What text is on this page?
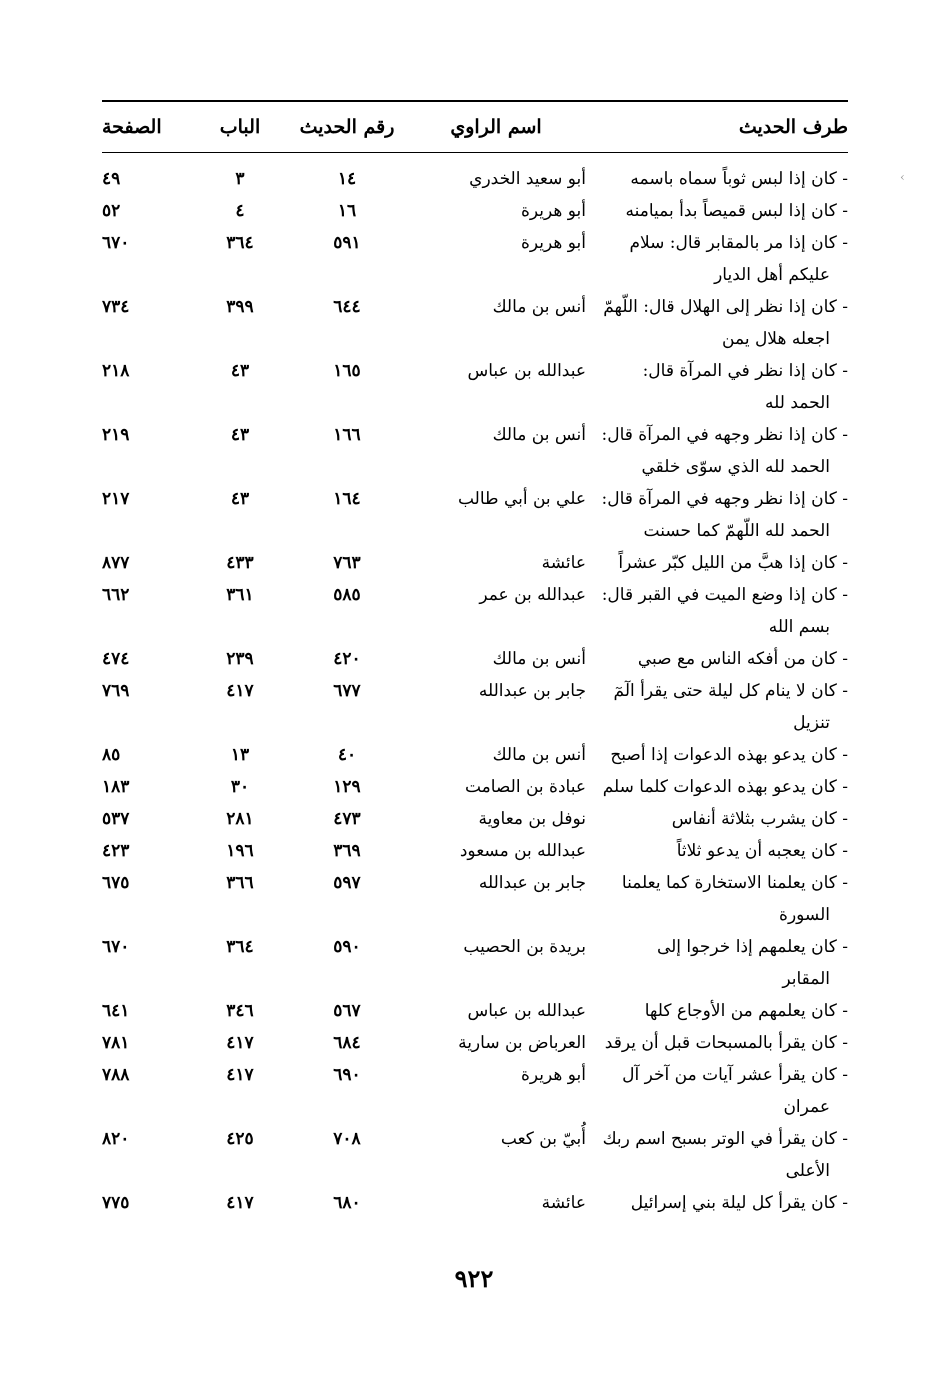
‹
طرف الحديث
اسم الراوي
رقم الحديث
الباب
الصفحة
- كان إذا لبس ثوباً سماه باسمه
أبو سعيد الخدري
١٤
٣
٤٩
- كان إذا لبس قميصاً بدأ بميامنه
أبو هريرة
١٦
٤
٥٢
- كان إذا مر بالمقابر قال: سلام
عليكم أهل الديار
أبو هريرة
٥٩١
٣٦٤
٦٧٠
- كان إذا نظر إلى الهلال قال: اللّهمّ
اجعله هلال يمن
أنس بن مالك
٦٤٤
٣٩٩
٧٣٤
- كان إذا نظر في المرآة قال:
الحمد لله
عبدالله بن عباس
١٦٥
٤٣
٢١٨
- كان إذا نظر وجهه في المرآة قال:
الحمد لله الذي سوّى خلقي
أنس بن مالك
١٦٦
٤٣
٢١٩
- كان إذا نظر وجهه في المرآة قال:
الحمد لله اللّهمّ كما حسنت
علي بن أبي طالب
١٦٤
٤٣
٢١٧
- كان إذا هبَّ من الليل كبّر عشراً
عائشة
٧٦٣
٤٣٣
٨٧٧
- كان إذا وضع الميت في القبر قال:
بسم الله
عبدالله بن عمر
٥٨٥
٣٦١
٦٦٢
- كان من أفكه الناس مع صبي
أنس بن مالك
٤٢٠
٢٣٩
٤٧٤
- كان لا ينام كل ليلة حتى يقرأ الٓمٓ
تنزيل
جابر بن عبدالله
٦٧٧
٤١٧
٧٦٩
- كان يدعو بهذه الدعوات إذا أصبح
أنس بن مالك
٤٠
١٣
٨٥
- كان يدعو بهذه الدعوات كلما سلم
عبادة بن الصامت
١٢٩
٣٠
١٨٣
- كان يشرب بثلاثة أنفاس
نوفل بن معاوية
٤٧٣
٢٨١
٥٣٧
- كان يعجبه أن يدعو ثلاثاً
عبدالله بن مسعود
٣٦٩
١٩٦
٤٢٣
- كان يعلمنا الاستخارة كما يعلمنا
السورة
جابر بن عبدالله
٥٩٧
٣٦٦
٦٧٥
- كان يعلمهم إذا خرجوا إلى
المقابر
بريدة بن الحصيب
٥٩٠
٣٦٤
٦٧٠
- كان يعلمهم من الأوجاع كلها
عبدالله بن عباس
٥٦٧
٣٤٦
٦٤١
- كان يقرأ بالمسبحات قبل أن يرقد
العرباض بن سارية
٦٨٤
٤١٧
٧٨١
- كان يقرأ عشر آيات من آخر آل
عمران
أبو هريرة
٦٩٠
٤١٧
٧٨٨
- كان يقرأ في الوتر بسبح اسم ربك
الأعلى
أُبيّ بن كعب
٧٠٨
٤٢٥
٨٢٠
- كان يقرأ كل ليلة بني إسرائيل
عائشة
٦٨٠
٤١٧
٧٧٥
٩٢٢
